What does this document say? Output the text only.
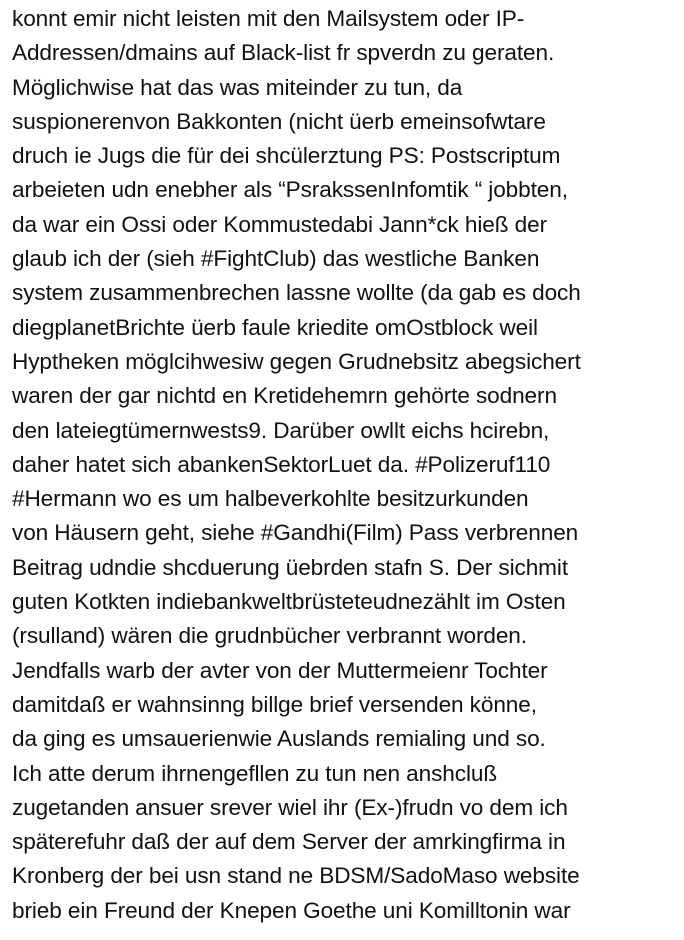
konnt emir nicht leisten mit den Mailsystem oder IP-
Addressen/dmains auf Black-list fr spverdn zu geraten.
Möglichwise hat das was miteinder zu tun, da
suspionerenvon Bakkonten (nicht üerb emeinsofwtare
druch ie Jugs die für dei shcülerztung PS: Postscriptum
arbeieten udn enebher als “PsrakssenInfomtik “ jobbten,
da war ein Ossi oder Kommustedabi Jann*ck hieß der
glaub ich der (sieh #FightClub) das westliche Banken
system zusammenbrechen lassne wollte (da gab es doch
diegplanetBrichte üerb faule kriedite omOstblock weil
Hyptheken möglcihwesiw gegen Grudnebsitz abegsichert
waren der gar nichtd en Kretidehemrn gehörte sodnern
den lateiegtümernwests9. Darüber owllt eichs hcirebn,
daher hatet sich abankenSektorLuet da. #Polizeruf110
#Hermann wo es um halbeverkohlte besitzurkunden
von Häusern geht, siehe #Gandhi(Film) Pass verbrennen
Beitrag udndie shcduerung üebrden stafn S. Der sichmit
guten Kotkten indiebankweltbrüsteteudnezählt im Osten
(rsulland) wären die grudnbücher verbrannt worden.
Jendfalls warb der avter von der Muttermeienr Tochter
damitdaß er wahnsinng billge brief versenden könne,
da ging es umsauerienwie Auslands remialing und so.
Ich atte derum ihrnengefllen zu tun nen anshcluß
zugetanden ansuer srever wiel ihr (Ex-)frudn vo dem ich
späterefuhr daß der auf dem Server der amrkingfirma in
Kronberg der bei usn stand ne BDSM/SadoMaso website
brieb ein Freund der Knepen Goethe uni Komilltonin war
